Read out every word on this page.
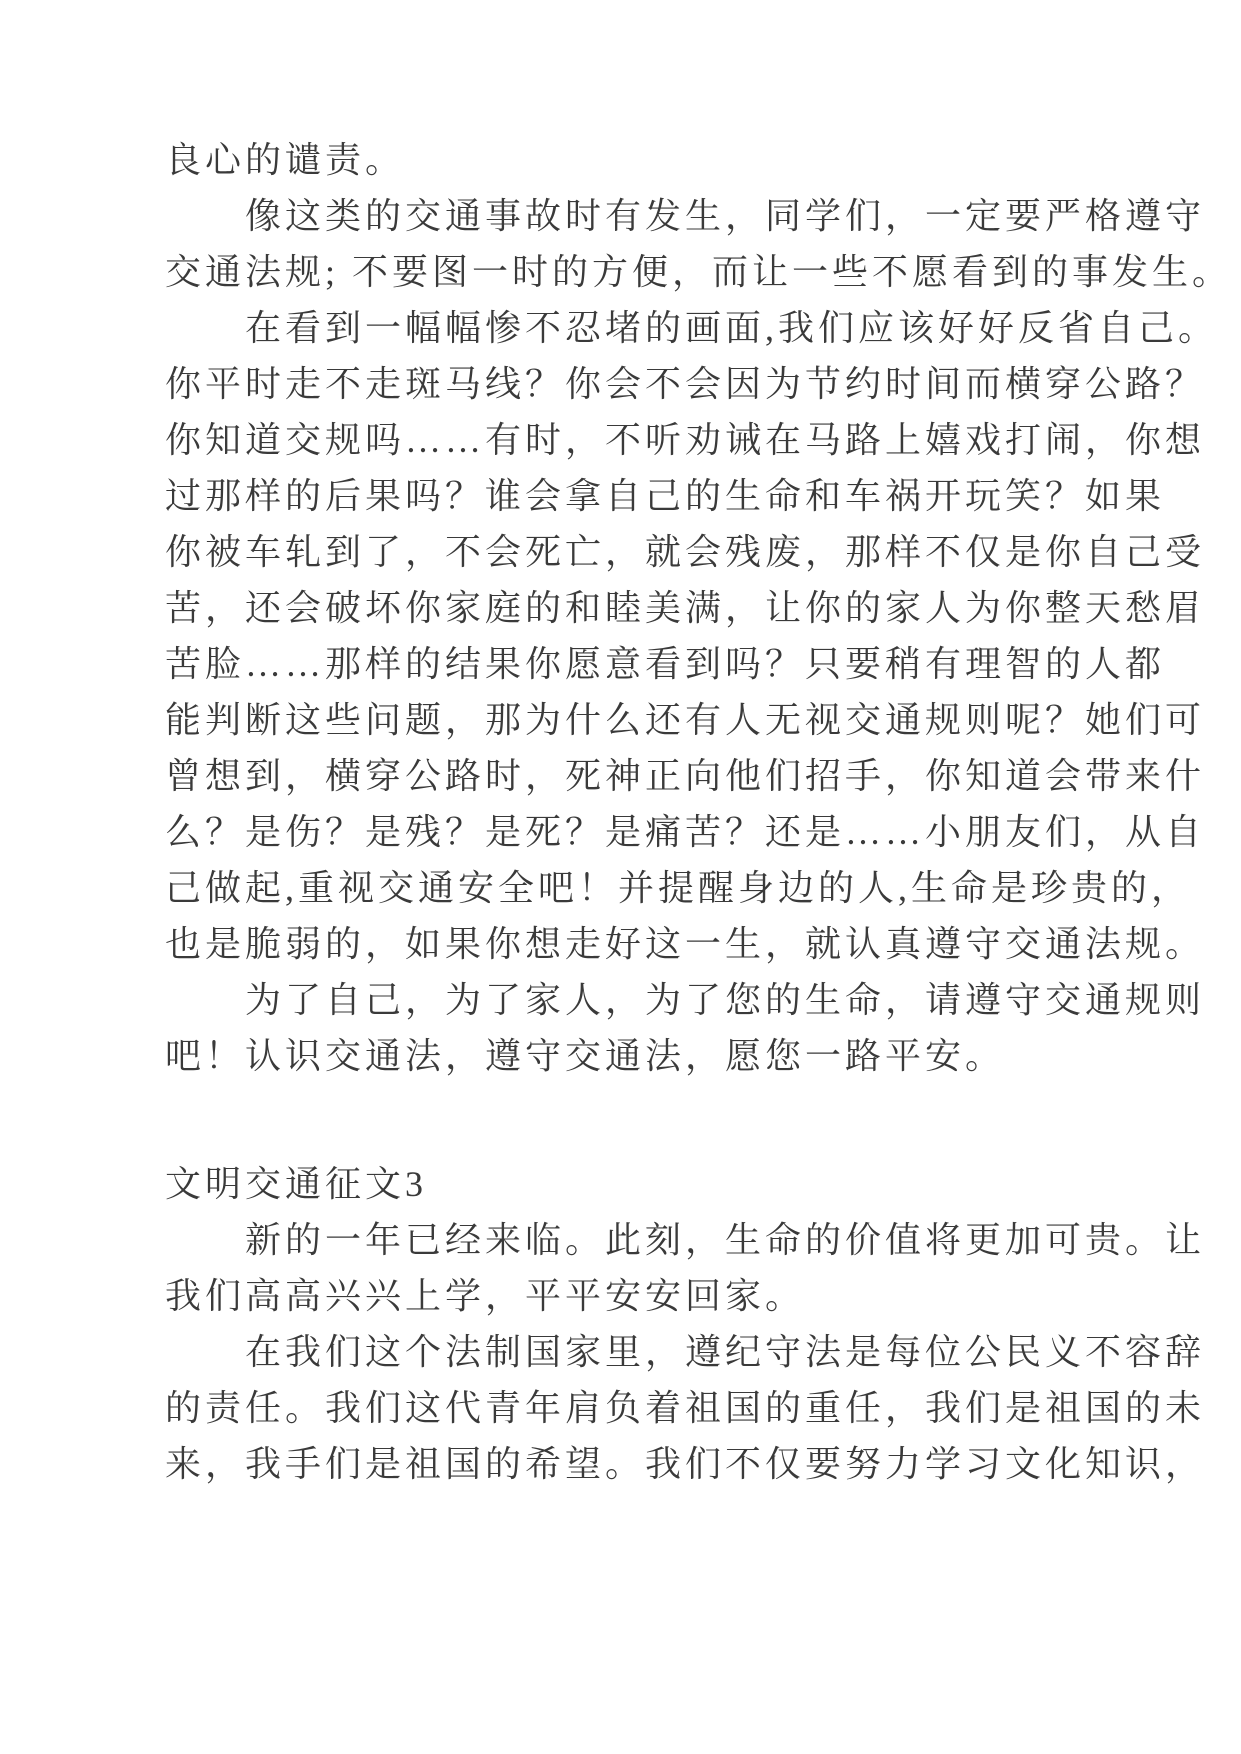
良心的谴责。
像这类的交通事故时有发生，同学们，一定要严格遵守
交通法规; 不要图一时的方便，而让一些不愿看到的事发生。
在看到一幅幅惨不忍堵的画面,我们应该好好反省自己。
你平时走不走斑马线？你会不会因为节约时间而横穿公路？
你知道交规吗……有时，不听劝诫在马路上嬉戏打闹，你想
过那样的后果吗？谁会拿自己的生命和车祸开玩笑？如果
你被车轧到了，不会死亡，就会残废，那样不仅是你自己受
苦，还会破坏你家庭的和睦美满，让你的家人为你整天愁眉
苦脸……那样的结果你愿意看到吗？只要稍有理智的人都
能判断这些问题，那为什么还有人无视交通规则呢？她们可
曾想到，横穿公路时，死神正向他们招手，你知道会带来什
么？是伤？是残？是死？是痛苦？还是……小朋友们，从自
己做起,重视交通安全吧！并提醒身边的人,生命是珍贵的，
也是脆弱的，如果你想走好这一生，就认真遵守交通法规。
为了自己，为了家人，为了您的生命，请遵守交通规则
吧！认识交通法，遵守交通法，愿您一路平安。
文明交通征文3
新的一年已经来临。此刻，生命的价值将更加可贵。让
我们高高兴兴上学，平平安安回家。
在我们这个法制国家里，遵纪守法是每位公民义不容辞
的责任。我们这代青年肩负着祖国的重任，我们是祖国的未
来，我手们是祖国的希望。我们不仅要努力学习文化知识，
